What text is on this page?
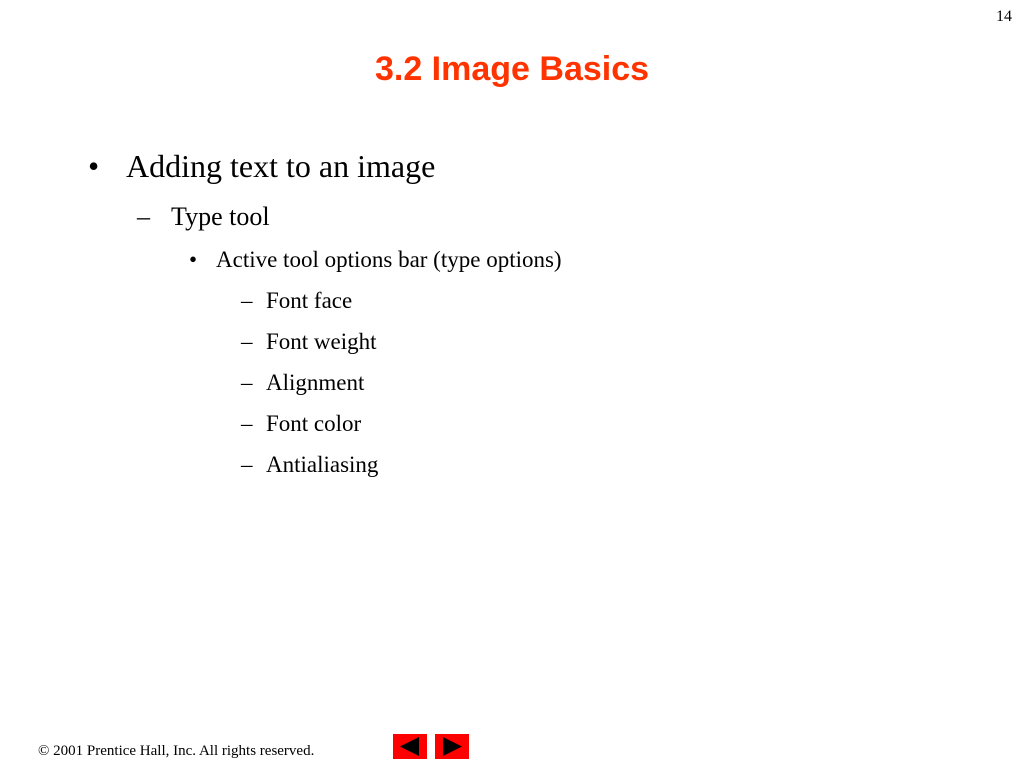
14
3.2 Image Basics
• Adding text to an image
– Type tool
• Active tool options bar (type options)
– Font face
– Font weight
– Alignment
– Font color
– Antialiasing
© 2001 Prentice Hall, Inc. All rights reserved.
